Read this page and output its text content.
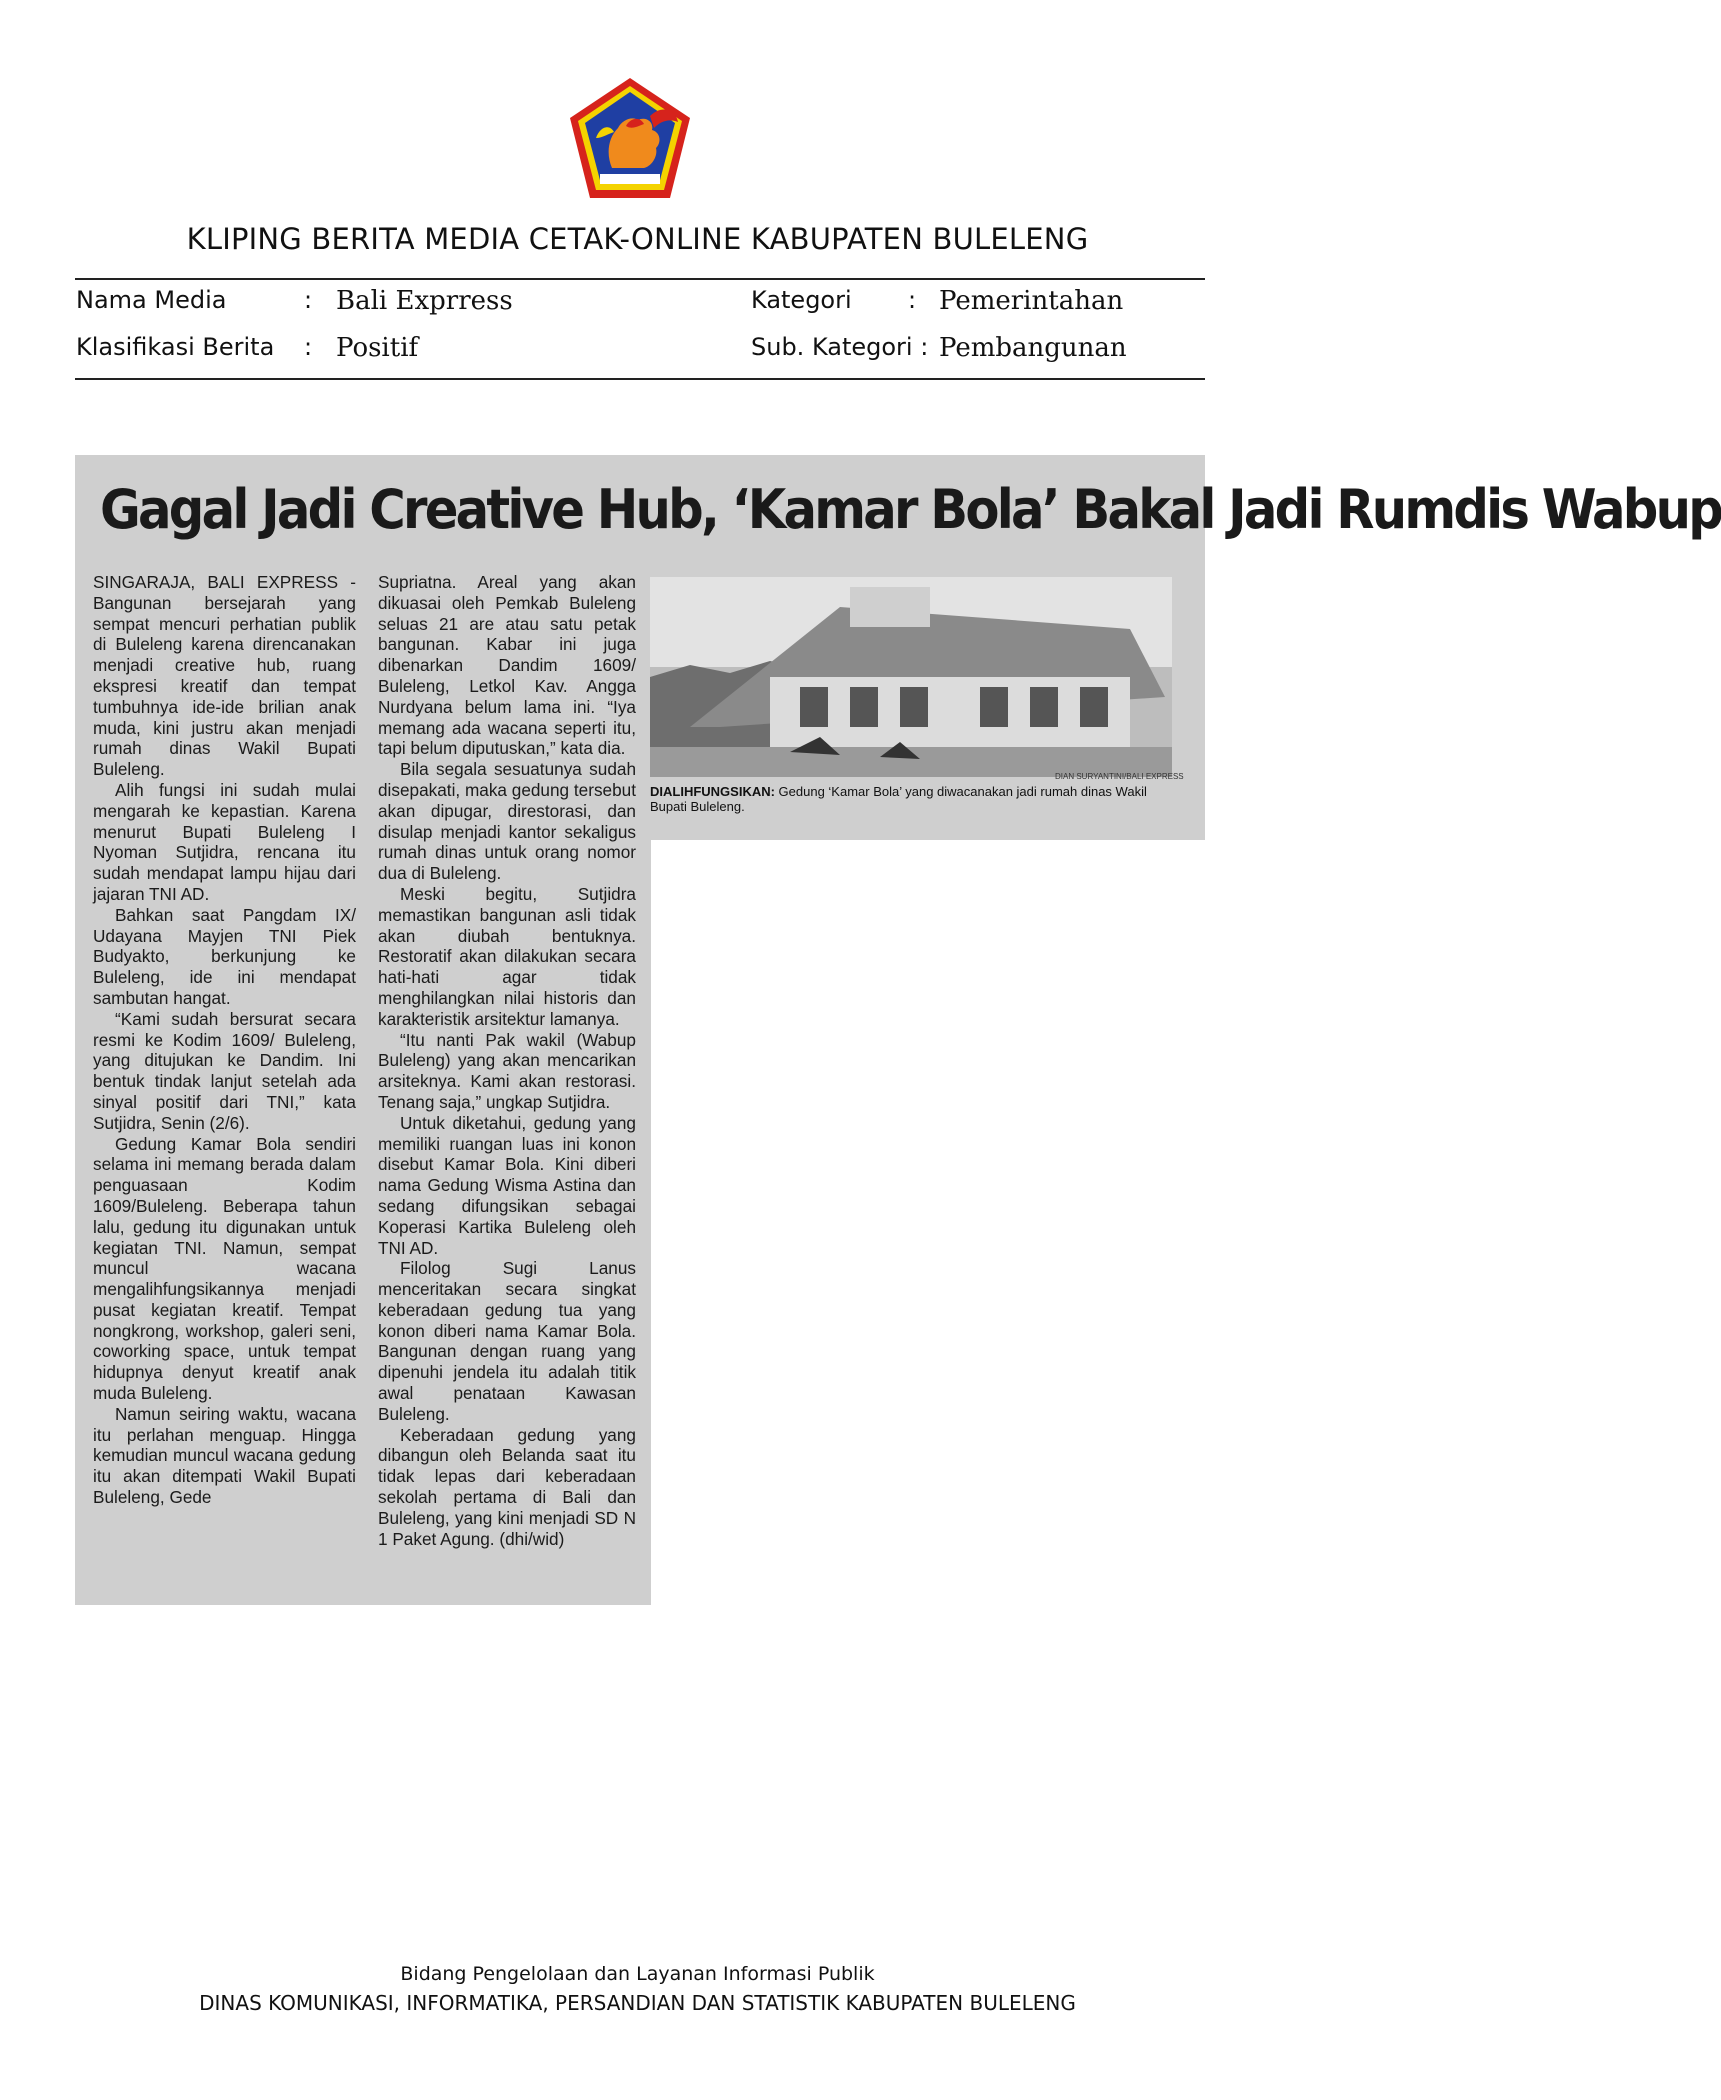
KLIPING BERITA MEDIA CETAK-ONLINE KABUPATEN BULELENG
Nama Media	: Bali Exprress	Kategori : Pemerintahan
Klasifikasi Berita : Positif	Sub. Kategori : Pembangunan
Gagal Jadi Creative Hub, ‘Kamar Bola’ Bakal Jadi Rumdis Wabup

SINGARAJA, BALI EXPRESS - Bangunan bersejarah yang sempat mencuri perhatian publik di Buleleng karena direncanakan menjadi creative hub, ruang ekspresi kreatif dan tempat tumbuhnya ide-ide brilian anak muda, kini justru akan menjadi rumah dinas Wakil Bupati Buleleng.

Alih fungsi ini sudah mulai mengarah ke kepastian. Karena menurut Bupati Buleleng I Nyoman Sutjidra, rencana itu sudah mendapat lampu hijau dari jajaran TNI AD.

Bahkan saat Pangdam IX/ Udayana Mayjen TNI Piek Budyakto, berkunjung ke Buleleng, ide ini mendapat sambutan hangat.

“Kami sudah bersurat secara resmi ke Kodim 1609/ Buleleng, yang ditujukan ke Dandim. Ini bentuk tindak lanjut setelah ada sinyal positif dari TNI,” kata Sutjidra, Senin (2/6).

Gedung Kamar Bola sendiri selama ini memang berada dalam penguasaan Kodim 1609/Buleleng. Beberapa tahun lalu, gedung itu digunakan untuk kegiatan TNI. Namun, sempat muncul wacana mengalihfungsikannya menjadi pusat kegiatan kreatif. Tempat nongkrong, workshop, galeri seni, coworking space, untuk tempat hidupnya denyut kreatif anak muda Buleleng.

Namun seiring waktu, wacana itu perlahan menguap. Hingga kemudian muncul wacana gedung itu akan ditempati Wakil Bupati Buleleng, Gede

Supriatna. Areal yang akan dikuasai oleh Pemkab Buleleng seluas 21 are atau satu petak bangunan. Kabar ini juga dibenarkan Dandim 1609/ Buleleng, Letkol Kav. Angga Nurdyana belum lama ini. “Iya memang ada wacana seperti itu, tapi belum diputuskan,” kata dia.

Bila segala sesuatunya sudah disepakati, maka gedung tersebut akan dipugar, direstorasi, dan disulap menjadi kantor sekaligus rumah dinas untuk orang nomor dua di Buleleng.

Meski begitu, Sutjidra memastikan bangunan asli tidak akan diubah bentuknya. Restoratif akan dilakukan secara hati-hati agar tidak menghilangkan nilai historis dan karakteristik arsitektur lamanya.

“Itu nanti Pak wakil (Wabup Buleleng) yang akan mencarikan arsiteknya. Kami akan restorasi. Tenang saja,” ungkap Sutjidra.

Untuk diketahui, gedung yang memiliki ruangan luas ini konon disebut Kamar Bola. Kini diberi nama Gedung Wisma Astina dan sedang difungsikan sebagai Koperasi Kartika Buleleng oleh TNI AD.

Filolog Sugi Lanus menceritakan secara singkat keberadaan gedung tua yang konon diberi nama Kamar Bola. Bangunan dengan ruang yang dipenuhi jendela itu adalah titik awal penataan Kawasan Buleleng.

Keberadaan gedung yang dibangun oleh Belanda saat itu tidak lepas dari keberadaan sekolah pertama di Bali dan Buleleng, yang kini menjadi SD N 1 Paket Agung. (dhi/wid)

DIAN SURYANTINI/BALI EXPRESS
DIALIHFUNGSIKAN: Gedung ‘Kamar Bola’ yang diwacanakan jadi rumah dinas Wakil Bupati Buleleng.
Bidang Pengelolaan dan Layanan Informasi Publik
DINAS KOMUNIKASI, INFORMATIKA, PERSANDIAN DAN STATISTIK KABUPATEN BULELENG
